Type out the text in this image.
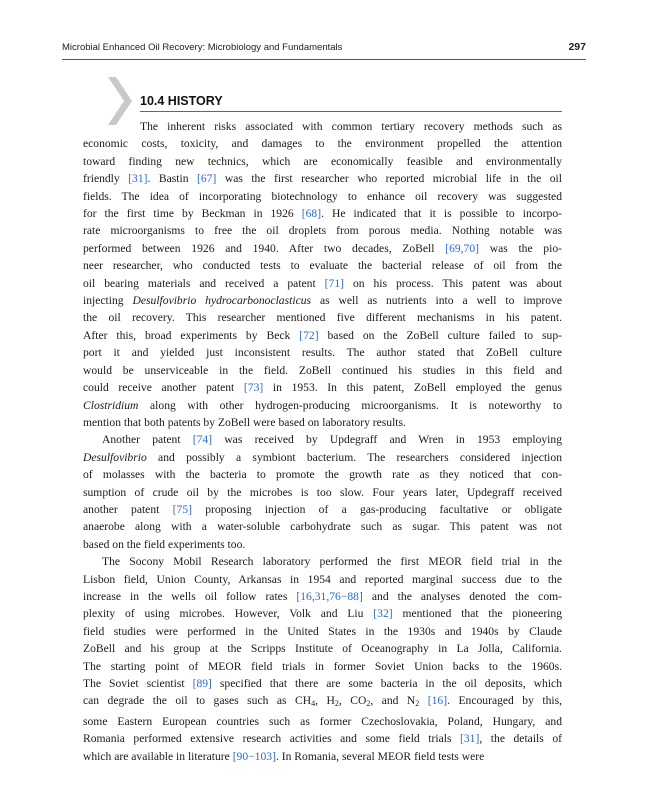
Microbial Enhanced Oil Recovery: Microbiology and Fundamentals	297
10.4 HISTORY
The inherent risks associated with common tertiary recovery methods such as
economic costs, toxicity, and damages to the environment propelled the attention
toward finding new technics, which are economically feasible and environmentally
friendly [31]. Bastin [67] was the first researcher who reported microbial life in the oil
fields. The idea of incorporating biotechnology to enhance oil recovery was suggested
for the first time by Beckman in 1926 [68]. He indicated that it is possible to incorpo-
rate microorganisms to free the oil droplets from porous media. Nothing notable was
performed between 1926 and 1940. After two decades, ZoBell [69,70] was the pio-
neer researcher, who conducted tests to evaluate the bacterial release of oil from the
oil bearing materials and received a patent [71] on his process. This patent was about
injecting Desulfovibrio hydrocarbonoclasticus as well as nutrients into a well to improve
the oil recovery. This researcher mentioned five different mechanisms in his patent.
After this, broad experiments by Beck [72] based on the ZoBell culture failed to sup-
port it and yielded just inconsistent results. The author stated that ZoBell culture
would be unserviceable in the field. ZoBell continued his studies in this field and
could receive another patent [73] in 1953. In this patent, ZoBell employed the genus
Clostridium along with other hydrogen-producing microorganisms. It is noteworthy to
mention that both patents by ZoBell were based on laboratory results.
Another patent [74] was received by Updegraff and Wren in 1953 employing
Desulfovibrio and possibly a symbiont bacterium. The researchers considered injection
of molasses with the bacteria to promote the growth rate as they noticed that con-
sumption of crude oil by the microbes is too slow. Four years later, Updegraff received
another patent [75] proposing injection of a gas-producing facultative or obligate
anaerobe along with a water-soluble carbohydrate such as sugar. This patent was not
based on the field experiments too.
The Socony Mobil Research laboratory performed the first MEOR field trial in the
Lisbon field, Union County, Arkansas in 1954 and reported marginal success due to the
increase in the wells oil follow rates [16,31,76−88] and the analyses denoted the com-
plexity of using microbes. However, Volk and Liu [32] mentioned that the pioneering
field studies were performed in the United States in the 1930s and 1940s by Claude
ZoBell and his group at the Scripps Institute of Oceanography in La Jolla, California.
The starting point of MEOR field trials in former Soviet Union backs to the 1960s.
The Soviet scientist [89] specified that there are some bacteria in the oil deposits, which
can degrade the oil to gases such as $CH_4$, $H_2$, $CO_2$, and $N_2$ [16]. Encouraged by this,
some Eastern European countries such as former Czechoslovakia, Poland, Hungary, and
Romania performed extensive research activities and some field trials [31], the details of
which are available in literature [90−103]. In Romania, several MEOR field tests were
